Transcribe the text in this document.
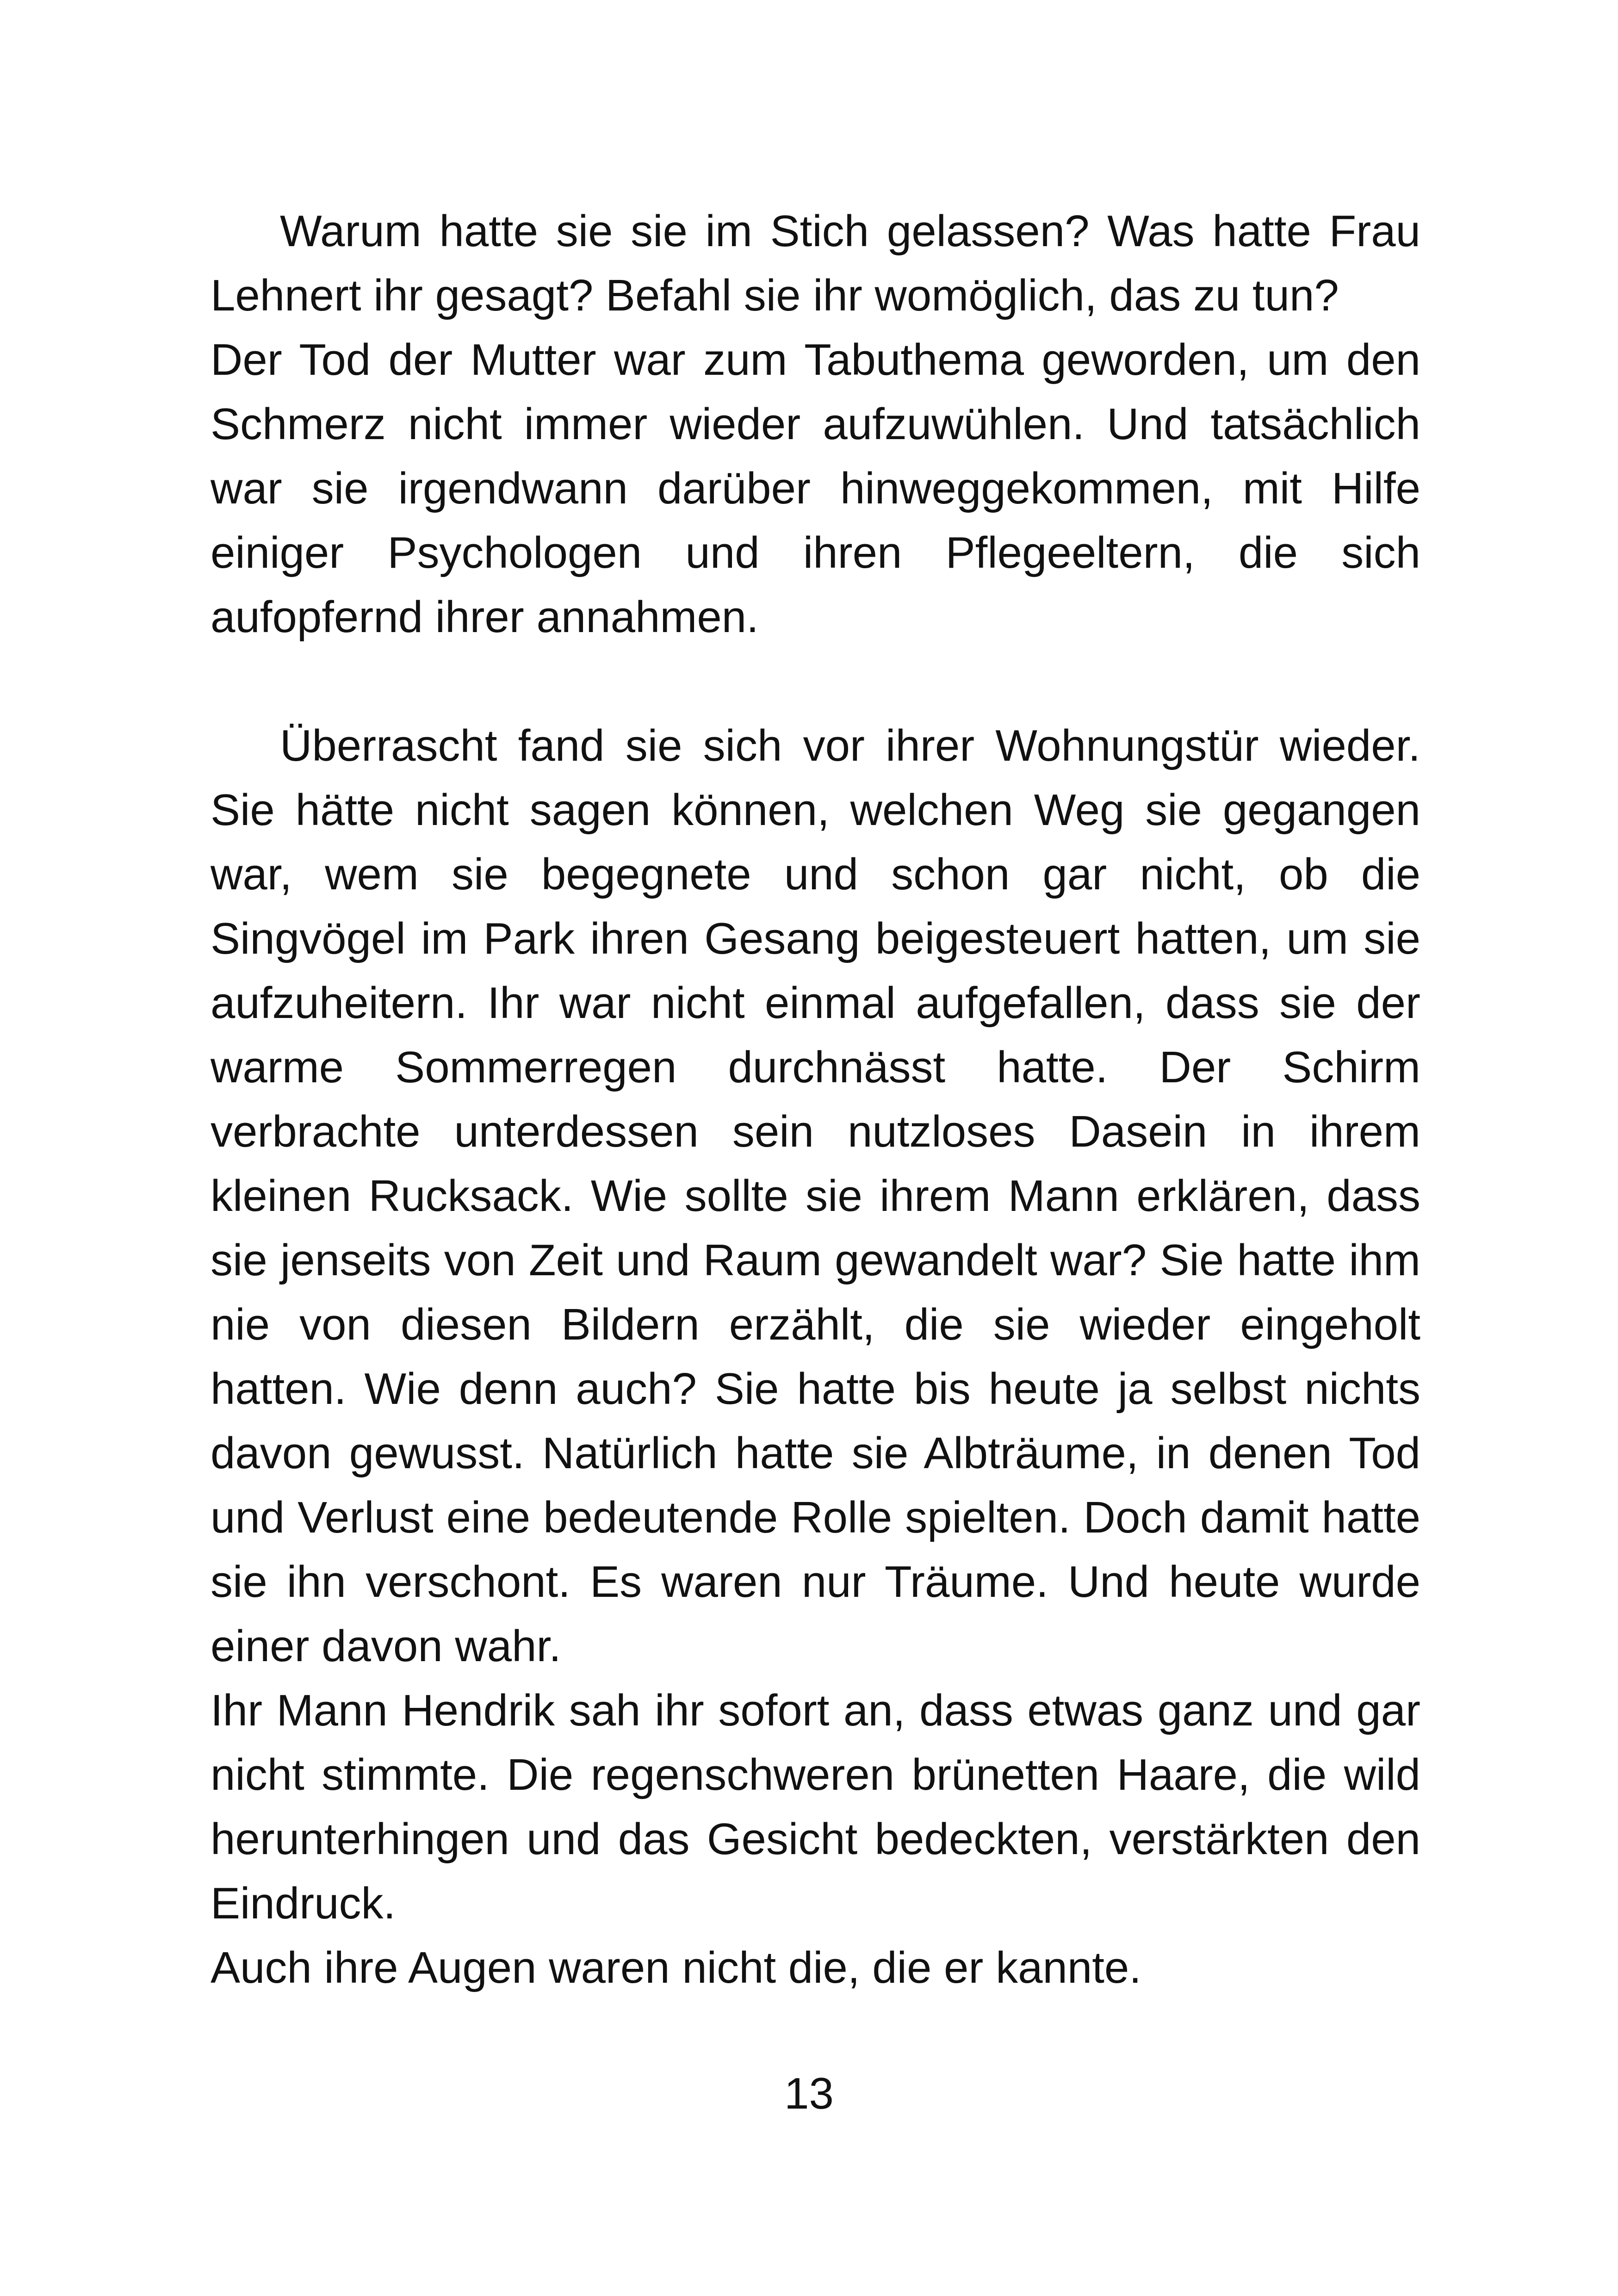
Warum hatte sie sie im Stich gelassen? Was hatte Frau Lehnert ihr gesagt? Befahl sie ihr womöglich, das zu tun?

Der Tod der Mutter war zum Tabuthema geworden, um den Schmerz nicht immer wieder aufzuwühlen. Und tatsächlich war sie irgendwann darüber hinweggekommen, mit Hilfe einiger Psychologen und ihren Pflegeeltern, die sich aufopfernd ihrer annahmen.

Überrascht fand sie sich vor ihrer Wohnungstür wieder. Sie hätte nicht sagen können, welchen Weg sie gegangen war, wem sie begegnete und schon gar nicht, ob die Singvögel im Park ihren Gesang beigesteuert hatten, um sie aufzuheitern. Ihr war nicht einmal aufgefallen, dass sie der warme Sommerregen durchnässt hatte. Der Schirm verbrachte unterdessen sein nutzloses Dasein in ihrem kleinen Rucksack. Wie sollte sie ihrem Mann erklären, dass sie jenseits von Zeit und Raum gewandelt war? Sie hatte ihm nie von diesen Bildern erzählt, die sie wieder eingeholt hatten. Wie denn auch? Sie hatte bis heute ja selbst nichts davon gewusst. Natürlich hatte sie Albträume, in denen Tod und Verlust eine bedeutende Rolle spielten. Doch damit hatte sie ihn verschont. Es waren nur Träume. Und heute wurde einer davon wahr.

Ihr Mann Hendrik sah ihr sofort an, dass etwas ganz und gar nicht stimmte. Die regenschweren brünetten Haare, die wild herunterhingen und das Gesicht bedeckten, verstärkten den Eindruck.

Auch ihre Augen waren nicht die, die er kannte.

13
